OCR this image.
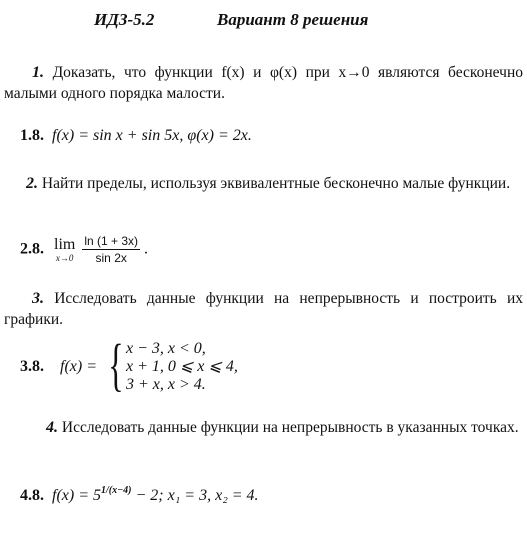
ИДЗ-5.2	Вариант 8 решения
1. Доказать, что функции f(x) и φ(x) при x→0 являются бесконечно малыми одного порядка малости.
1.8. f(x) = sin x + sin 5x, φ(x) = 2x.
2. Найти пределы, используя эквивалентные бесконечно малые функции.
2.8. lim
x→0
$\frac{\ln (1 + 3x)}{\sin 2x}$ .
3. Исследовать данные функции на непрерывность и построить их графики.
3.8. f(x) = { x − 3, x < 0,
x + 1, 0 ⩽ x ⩽ 4,
3 + x, x > 4.
4. Исследовать данные функции на непрерывность в указанных точках.
4.8. $f(x) = 5^{1/(x-4)} - 2$; x₁ = 3, x₂ = 4.
